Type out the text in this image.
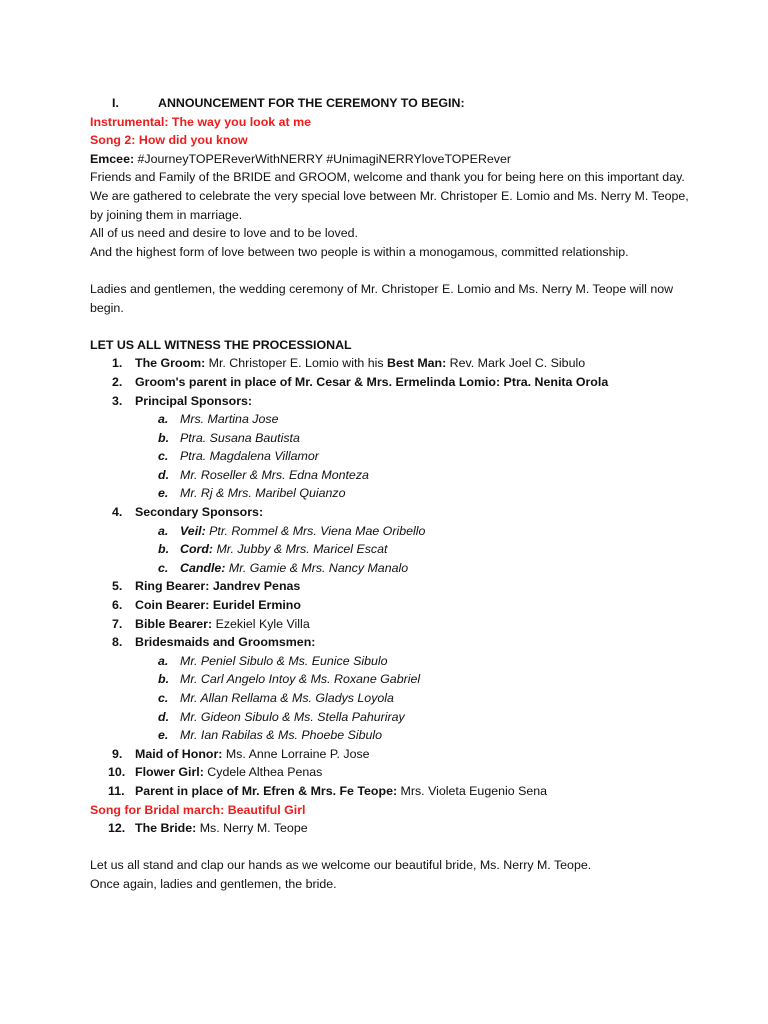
I.	ANNOUNCEMENT FOR THE CEREMONY TO BEGIN:
Instrumental: The way you look at me
Song 2: How did you know
Emcee: #JourneyTOPEReverWithNERRY #UnimagiNERRYloveTOPERever
Friends and Family of the BRIDE and GROOM, welcome and thank you for being here on this important day.
We are gathered to celebrate the very special love between Mr. Christoper E. Lomio and Ms. Nerry M. Teope,
by joining them in marriage.
All of us need and desire to love and to be loved.
And the highest form of love between two people is within a monogamous, committed relationship.
Ladies and gentlemen, the wedding ceremony of Mr. Christoper E. Lomio and Ms. Nerry M. Teope will now
begin.
LET US ALL WITNESS THE PROCESSIONAL
1.	The Groom: Mr. Christoper E. Lomio with his Best Man: Rev. Mark Joel C. Sibulo
2.	Groom's parent in place of Mr. Cesar & Mrs. Ermelinda Lomio: Ptra. Nenita Orola
3.	Principal Sponsors:
a. Mrs. Martina Jose
b. Ptra. Susana Bautista
c. Ptra. Magdalena Villamor
d. Mr. Roseller & Mrs. Edna Monteza
e. Mr. Rj & Mrs. Maribel Quianzo
4.	Secondary Sponsors:
a. Veil: Ptr. Rommel & Mrs. Viena Mae Oribello
b. Cord: Mr. Jubby & Mrs. Maricel Escat
c. Candle: Mr. Gamie & Mrs. Nancy Manalo
5.	Ring Bearer: Jandrev Penas
6.	Coin Bearer: Euridel Ermino
7.	Bible Bearer: Ezekiel Kyle Villa
8.	Bridesmaids and Groomsmen:
a. Mr. Peniel Sibulo & Ms. Eunice Sibulo
b. Mr. Carl Angelo Intoy & Ms. Roxane Gabriel
c. Mr. Allan Rellama & Ms. Gladys Loyola
d. Mr. Gideon Sibulo & Ms. Stella Pahuriray
e. Mr. Ian Rabilas & Ms. Phoebe Sibulo
9.	Maid of Honor: Ms. Anne Lorraine P. Jose
10. Flower Girl: Cydele Althea Penas
11. Parent in place of Mr. Efren & Mrs. Fe Teope: Mrs. Violeta Eugenio Sena
Song for Bridal march: Beautiful Girl
12. The Bride: Ms. Nerry M. Teope
Let us all stand and clap our hands as we welcome our beautiful bride, Ms. Nerry M. Teope.
Once again, ladies and gentlemen, the bride.
